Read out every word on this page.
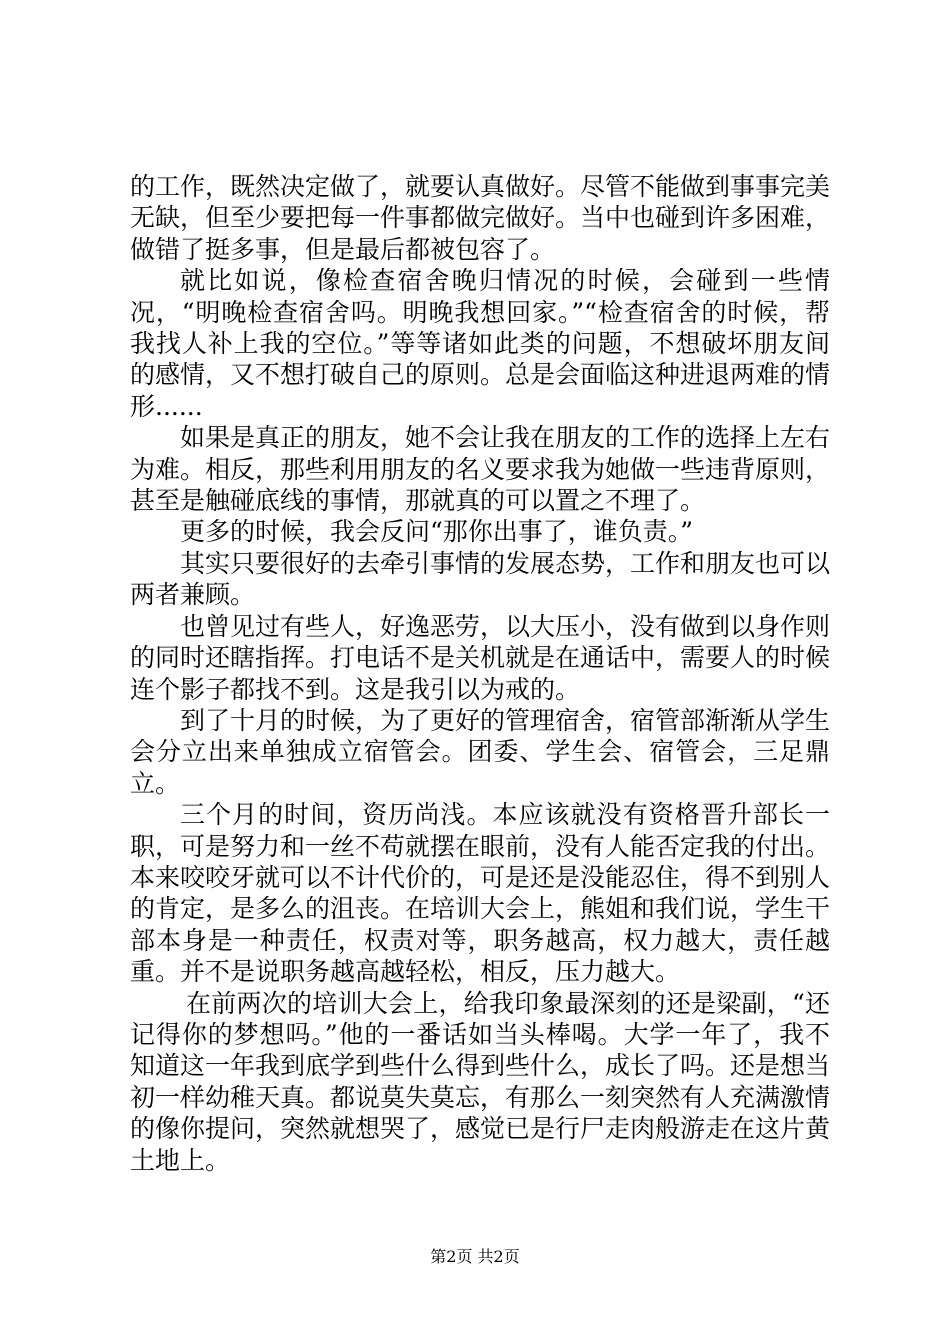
的工作，既然决定做了，就要认真做好。尽管不能做到事事完美无缺，但至少要把每一件事都做完做好。当中也碰到许多困难，做错了挺多事，但是最后都被包容了。

就比如说，像检查宿舍晚归情况的时候，会碰到一些情况，“明晚检查宿舍吗。明晚我想回家。”“检查宿舍的时候，帮我找人补上我的空位。”等等诸如此类的问题，不想破坏朋友间的感情，又不想打破自己的原则。总是会面临这种进退两难的情形......

如果是真正的朋友，她不会让我在朋友的工作的选择上左右为难。相反，那些利用朋友的名义要求我为她做一些违背原则，甚至是触碰底线的事情，那就真的可以置之不理了。

更多的时候，我会反问“那你出事了，谁负责。”

其实只要很好的去牵引事情的发展态势，工作和朋友也可以两者兼顾。

也曾见过有些人，好逸恶劳，以大压小，没有做到以身作则的同时还瞎指挥。打电话不是关机就是在通话中，需要人的时候连个影子都找不到。这是我引以为戒的。

到了十月的时候，为了更好的管理宿舍，宿管部渐渐从学生会分立出来单独成立宿管会。团委、学生会、宿管会，三足鼎立。

三个月的时间，资历尚浅。本应该就没有资格晋升部长一职，可是努力和一丝不苟就摆在眼前，没有人能否定我的付出。本来咬咬牙就可以不计代价的，可是还是没能忍住，得不到别人的肯定，是多么的沮丧。在培训大会上，熊姐和我们说，学生干部本身是一种责任，权责对等，职务越高，权力越大，责任越重。并不是说职务越高越轻松，相反，压力越大。

在前两次的培训大会上，给我印象最深刻的还是梁副，“还记得你的梦想吗。”他的一番话如当头棒喝。大学一年了，我不知道这一年我到底学到些什么得到些什么，成长了吗。还是想当初一样幼稚天真。都说莫失莫忘，有那么一刻突然有人充满激情的像你提问，突然就想哭了，感觉已是行尸走肉般游走在这片黄土地上。

第2页 共2页
